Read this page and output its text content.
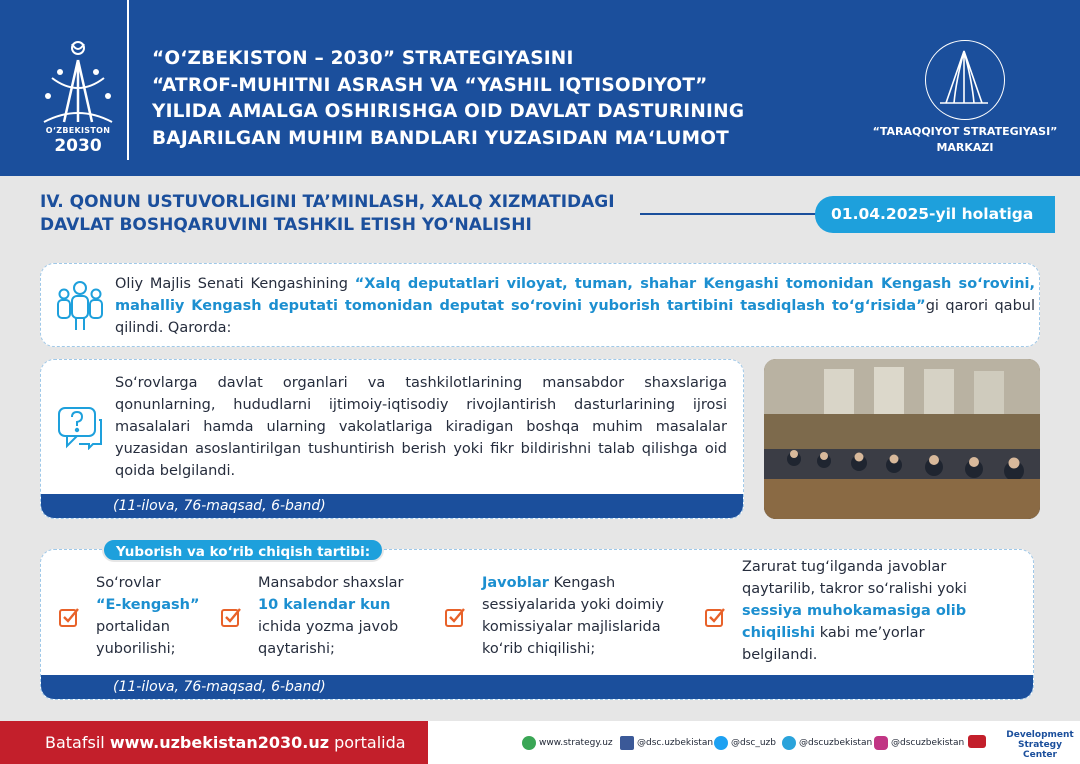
O‘ZBEKISTON
2030
“O‘ZBEKISTON – 2030” STRATEGIYASINI
“ATROF-MUHITNI ASRASH VA “YASHIL IQTISODIYOT”
YILIDA AMALGA OSHIRISHGA OID DAVLAT DASTURINING
BAJARILGAN MUHIM BANDLARI YUZASIDAN MA‘LUMOT	“TARAQQIYOT STRATEGIYASI”
MARKAZI
IV. QONUN USTUVORLIGINI TA’MINLASH, XALQ XIZMATIDAGI
DAVLAT BOSHQARUVINI TASHKIL ETISH YO‘NALISHI
01.04.2025-yil holatiga
Oliy Majlis Senati Kengashining “Xalq deputatlari viloyat, tuman, shahar Kengashi tomonidan Kengash so‘rovini, mahalliy Kengash deputati tomonidan deputat so‘rovini yuborish tartibini tasdiqlash to‘g‘risida”gi qarori qabul qilindi. Qarorda:
So‘rovlarga davlat organlari va tashkilotlarining mansabdor shaxslariga qonunlarning, hududlarni ijtimoiy-iqtisodiy rivojlantirish dasturlarining ijrosi masalalari hamda ularning vakolatlariga kiradigan boshqa muhim masalalar yuzasidan asoslantirilgan tushuntirish berish yoki fikr bildirishni talab qilishga oid qoida belgilandi.
(11-ilova, 76-maqsad, 6-band)
(11-ilova, 76-maqsad, 6-band)
Yuborish va ko‘rib chiqish tartibi:
So‘rovlar
“E-kengash”
portalidan
yuborilishi;
Mansabdor shaxslar
10 kalendar kun
ichida yozma javob
qaytarishi;
Javoblar Kengash
sessiyalarida yoki doimiy
komissiyalar majlislarida
ko‘rib chiqilishi;
Zarurat tug‘ilganda javoblar
qaytarilib, takror so‘ralishi yoki
sessiya muhokamasiga olib
chiqilishi kabi me’yorlar
belgilandi.
Batafsil www.uzbekistan2030.uz portalida	www.strategy.uz	@dsc.uzbekistan	@dsc_uzb	@dscuzbekistan	@dscuzbekistan
Development
Strategy Center
